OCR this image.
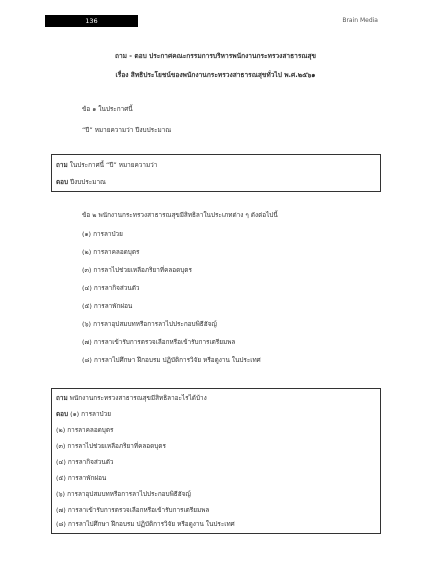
136	Brain Media
ถาม - ตอบ ประกาศคณะกรรมการบริหารพนักงานกระทรวงสาธารณสุข
เรื่อง สิทธิประโยชน์ของพนักงานกระทรวงสาธารณสุขทั่วไป พ.ศ.๒๕๖๑
ข้อ ๑ ในประกาศนี้
“ปี” หมายความว่า ปีงบประมาณ
ถาม ในประกาศนี้ “ปี” หมายความว่า
ตอบ ปีงบประมาณ
ข้อ ๒ พนักงานกระทรวงสาธารณสุขมีสิทธิลาในประเภทต่าง ๆ ดังต่อไปนี้
(๑) การลาป่วย
(๒) การลาคลอดบุตร
(๓) การลาไปช่วยเหลือภริยาที่คลอดบุตร
(๔) การลากิจส่วนตัว
(๕) การลาพักผ่อน
(๖) การลาอุปสมบทหรือการลาไปประกอบพิธีฮัจญ์
(๗) การลาเข้ารับการตรวจเลือกหรือเข้ารับการเตรียมพล
(๘) การลาไปศึกษา ฝึกอบรม ปฏิบัติการวิจัย หรือดูงาน ในประเทศ
ถาม พนักงานกระทรวงสาธารณสุขมีสิทธิลาอะไรได้บ้าง
ตอบ (๑) การลาป่วย
(๒) การลาคลอดบุตร
(๓) การลาไปช่วยเหลือภริยาที่คลอดบุตร
(๔) การลากิจส่วนตัว
(๕) การลาพักผ่อน
(๖) การลาอุปสมบทหรือการลาไปประกอบพิธีฮัจญ์
(๗) การลาเข้ารับการตรวจเลือกหรือเข้ารับการเตรียมพล
(๘) การลาไปศึกษา ฝึกอบรม ปฏิบัติการวิจัย หรือดูงาน ในประเทศ
